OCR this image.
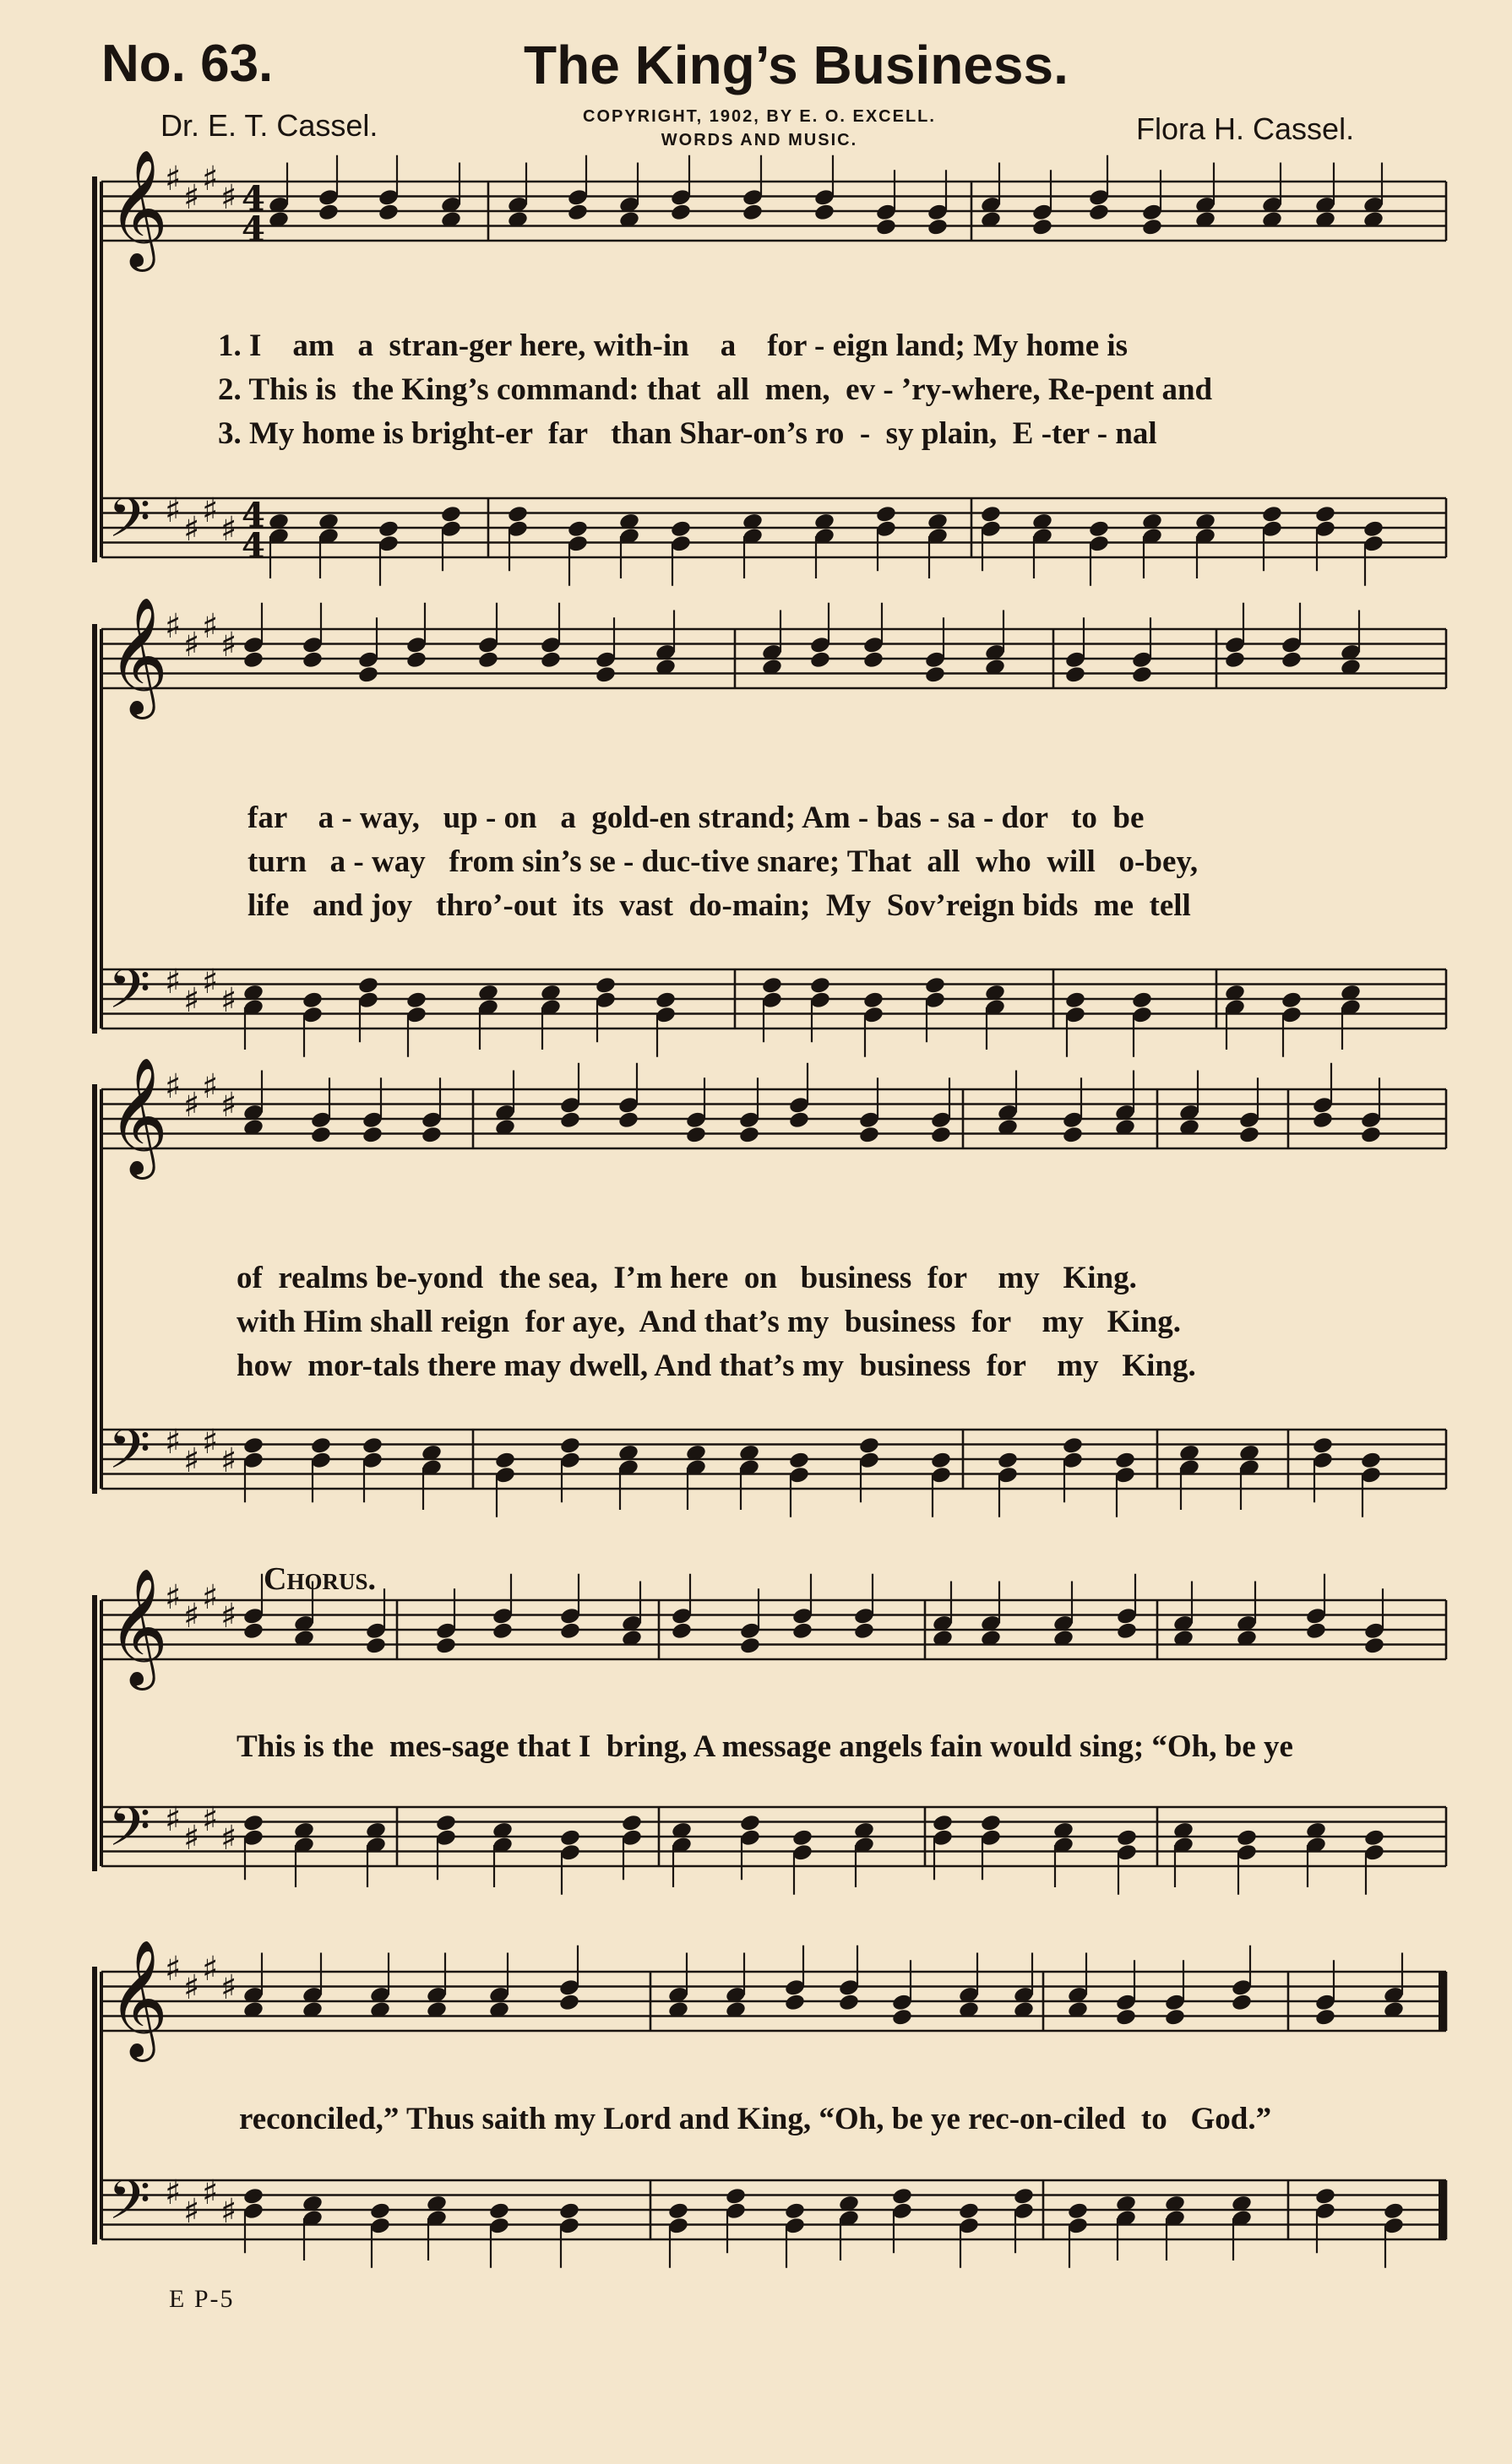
No. 63.	The King’s Business.
Dr. E. T. Cassel.	COPYRIGHT, 1902, BY E. O. EXCELL.
WORDS AND MUSIC.	Flora H. Cassel.
♯ ♯ ♯ ♯
𝄞
♯ ♯ ♯ ♯
𝄢
4
4
4
4
♯ ♯ ♯ ♯
𝄞
♯ ♯ ♯ ♯
𝄢
♯ ♯ ♯ ♯
𝄞
♯ ♯ ♯ ♯
𝄢
♯ ♯ ♯ ♯
𝄞
♯ ♯ ♯ ♯
𝄢
♯ ♯ ♯ ♯
𝄞
♯ ♯ ♯ ♯
𝄢
1. I    am   a  stran-ger here, with-in    a    for - eign land; My home is
2. This is  the King’s command: that  all  men,  ev - ’ry-where, Re-pent and
3. My home is bright-er  far   than Shar-on’s ro  -  sy plain,  E -ter - nal
far    a - way,   up - on   a  gold-en strand; Am - bas - sa - dor   to  be
turn   a - way   from sin’s se - duc-tive snare; That  all  who  will   o-bey,
life   and joy   thro’-out  its  vast  do-main;  My  Sov’reign bids  me  tell
of  realms be-yond  the sea,  I’m here  on   business  for    my   King.
with Him shall reign  for aye,  And that’s my  business  for    my   King.
how  mor-tals there may dwell, And that’s my  business  for    my   King.
Chorus.
This is the  mes-sage that I  bring, A message angels fain would sing; “Oh, be ye
reconciled,” Thus saith my Lord and King, “Oh, be ye rec-on-ciled  to   God.”
E P-5
